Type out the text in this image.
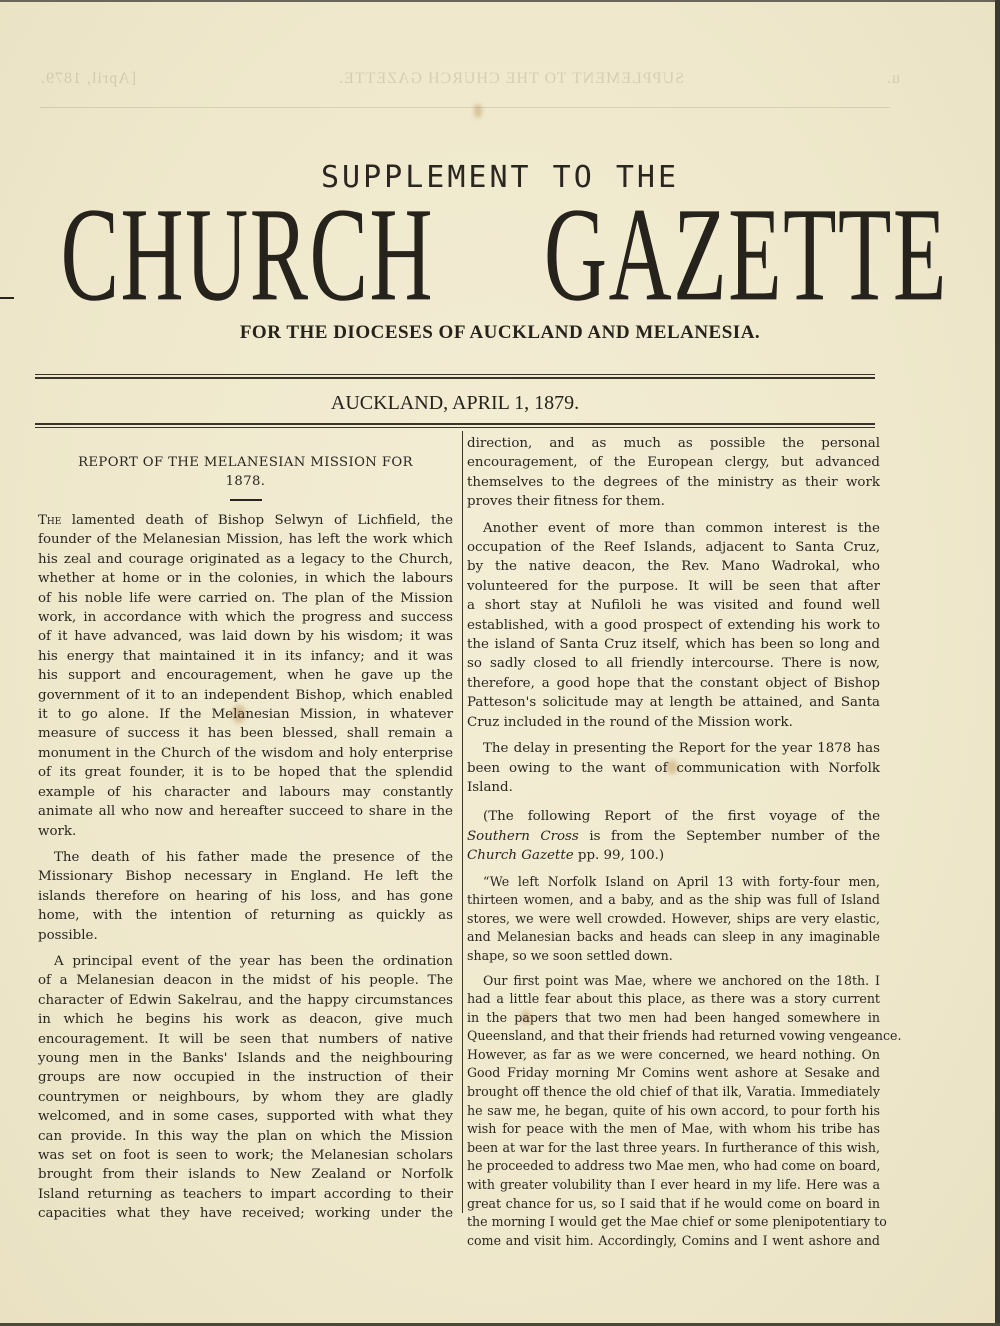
u.
SUPPLEMENT TO THE CHURCH GAZETTE.
[April, 1879.
SUPPLEMENT TO THE
CHURCH GAZETTE
FOR THE DIOCESES OF AUCKLAND AND MELANESIA.
AUCKLAND, APRIL 1, 1879.
REPORT OF THE MELANESIAN MISSION FOR
1878.

The lamented death of Bishop Selwyn of Lichfield, the
founder of the Melanesian Mission, has left the work which
his zeal and courage originated as a legacy to the Church,
whether at home or in the colonies, in which the labours
of his noble life were carried on. The plan of the Mission
work, in accordance with which the progress and success
of it have advanced, was laid down by his wisdom; it was
his energy that maintained it in its infancy; and it was
his support and encouragement, when he gave up the
government of it to an independent Bishop, which enabled
it to go alone. If the Melanesian Mission, in whatever
measure of success it has been blessed, shall remain a
monument in the Church of the wisdom and holy enterprise
of its great founder, it is to be hoped that the splendid
example of his character and labours may constantly
animate all who now and hereafter succeed to share in the
work.

The death of his father made the presence of the
Missionary Bishop necessary in England. He left the
islands therefore on hearing of his loss, and has gone
home, with the intention of returning as quickly as
possible.

A principal event of the year has been the ordination
of a Melanesian deacon in the midst of his people. The
character of Edwin Sakelrau, and the happy circumstances
in which he begins his work as deacon, give much
encouragement. It will be seen that numbers of native
young men in the Banks' Islands and the neighbouring
groups are now occupied in the instruction of their
countrymen or neighbours, by whom they are gladly
welcomed, and in some cases, supported with what they
can provide. In this way the plan on which the Mission
was set on foot is seen to work; the Melanesian scholars
brought from their islands to New Zealand or Norfolk
Island returning as teachers to impart according to their
capacities what they have received; working under the

direction, and as much as possible the personal
encouragement, of the European clergy, but advanced
themselves to the degrees of the ministry as their work
proves their fitness for them.

Another event of more than common interest is the
occupation of the Reef Islands, adjacent to Santa Cruz,
by the native deacon, the Rev. Mano Wadrokal, who
volunteered for the purpose. It will be seen that after
a short stay at Nufiloli he was visited and found well
established, with a good prospect of extending his work to
the island of Santa Cruz itself, which has been so long and
so sadly closed to all friendly intercourse. There is now,
therefore, a good hope that the constant object of Bishop
Patteson's solicitude may at length be attained, and Santa
Cruz included in the round of the Mission work.

The delay in presenting the Report for the year 1878 has
been owing to the want of communication with Norfolk
Island.

(The following Report of the first voyage of the
Southern Cross is from the September number of the
Church Gazette pp. 99, 100.)

“We left Norfolk Island on April 13 with forty-four men,
thirteen women, and a baby, and as the ship was full of Island
stores, we were well crowded. However, ships are very elastic,
and Melanesian backs and heads can sleep in any imaginable
shape, so we soon settled down.

Our first point was Mae, where we anchored on the 18th. I
had a little fear about this place, as there was a story current
in the papers that two men had been hanged somewhere in
Queensland, and that their friends had returned vowing vengeance.
However, as far as we were concerned, we heard nothing. On
Good Friday morning Mr Comins went ashore at Sesake and
brought off thence the old chief of that ilk, Varatia. Immediately
he saw me, he began, quite of his own accord, to pour forth his
wish for peace with the men of Mae, with whom his tribe has
been at war for the last three years. In furtherance of this wish,
he proceeded to address two Mae men, who had come on board,
with greater volubility than I ever heard in my life. Here was a
great chance for us, so I said that if he would come on board in
the morning I would get the Mae chief or some plenipotentiary to
come and visit him. Accordingly, Comins and I went ashore and
